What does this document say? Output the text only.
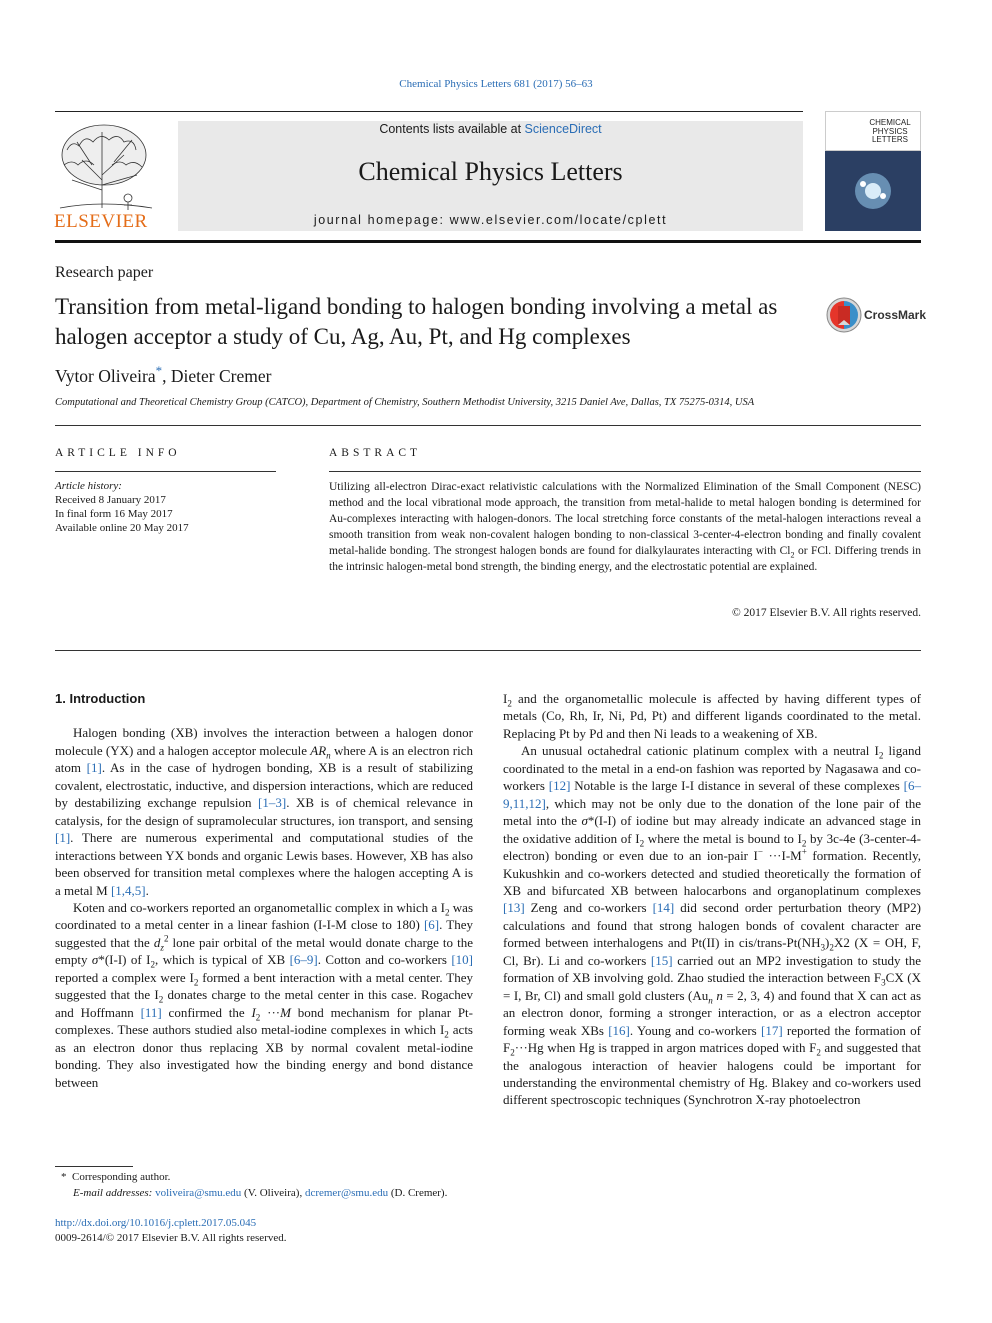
Chemical Physics Letters 681 (2017) 56–63
ELSEVIER
Contents lists available at ScienceDirect
Chemical Physics Letters
journal homepage: www.elsevier.com/locate/cplett
CHEMICAL
PHYSICS
LETTERS
Research paper
Transition from metal-ligand bonding to halogen bonding involving a metal as halogen acceptor a study of Cu, Ag, Au, Pt, and Hg complexes
CrossMark
Vytor Oliveira*, Dieter Cremer
Computational and Theoretical Chemistry Group (CATCO), Department of Chemistry, Southern Methodist University, 3215 Daniel Ave, Dallas, TX 75275-0314, USA
ARTICLE INFO
Article history:
Received 8 January 2017
In final form 16 May 2017
Available online 20 May 2017
ABSTRACT
Utilizing all-electron Dirac-exact relativistic calculations with the Normalized Elimination of the Small Component (NESC) method and the local vibrational mode approach, the transition from metal-halide to metal halogen bonding is determined for Au-complexes interacting with halogen-donors. The local stretching force constants of the metal-halogen interactions reveal a smooth transition from weak non-covalent halogen bonding to non-classical 3-center-4-electron bonding and finally covalent metal-halide bonding. The strongest halogen bonds are found for dialkylaurates interacting with $Cl_2$ or FCl. Differing trends in the intrinsic halogen-metal bond strength, the binding energy, and the electrostatic potential are explained.
© 2017 Elsevier B.V. All rights reserved.

1. Introduction

Halogen bonding (XB) involves the interaction between a halogen donor molecule (YX) and a halogen acceptor molecule $AR_n$ where A is an electron rich atom [1]. As in the case of hydrogen bonding, XB is a result of stabilizing covalent, electrostatic, inductive, and dispersion interactions, which are reduced by destabilizing exchange repulsion [1–3]. XB is of chemical relevance in catalysis, for the design of supramolecular structures, ion transport, and sensing [1]. There are numerous experimental and computational studies of the interactions between YX bonds and organic Lewis bases. However, XB has also been observed for transition metal complexes where the halogen accepting A is a metal M [1,4,5].

Koten and co-workers reported an organometallic complex in which a $I_2$ was coordinated to a metal center in a linear fashion (I-I-M close to 180) [6]. They suggested that the $d_z^2$ lone pair orbital of the metal would donate charge to the empty σ*(I-I) of $I_2$, which is typical of XB [6–9]. Cotton and co-workers [10] reported a complex were $I_2$ formed a bent interaction with a metal center. They suggested that the $I_2$ donates charge to the metal center in this case. Rogachev and Hoffmann [11] confirmed the $I_2 \cdot\cdot\cdot M$ bond mechanism for planar Pt-complexes. These authors studied also metal-iodine complexes in which $I_2$ acts as an electron donor thus replacing XB by normal covalent metal-iodine bonding. They also investigated how the binding energy and bond distance between

$I_2$ and the organometallic molecule is affected by having different types of metals (Co, Rh, Ir, Ni, Pd, Pt) and different ligands coordinated to the metal. Replacing Pt by Pd and then Ni leads to a weakening of XB.

An unusual octahedral cationic platinum complex with a neutral $I_2$ ligand coordinated to the metal in a end-on fashion was reported by Nagasawa and co-workers [12] Notable is the large I-I distance in several of these complexes [6–9,11,12], which may not be only due to the donation of the lone pair of the metal into the σ*(I-I) of iodine but may already indicate an advanced stage in the oxidative addition of $I_2$ where the metal is bound to $I_2$ by 3c-4e (3-center-4-electron) bonding or even due to an ion-pair I− ···I-M+ formation. Recently, Kukushkin and co-workers detected and studied theoretically the formation of XB and bifurcated XB between halocarbons and organoplatinum complexes [13] Zeng and co-workers [14] did second order perturbation theory (MP2) calculations and found that strong halogen bonds of covalent character are formed between interhalogens and Pt(II) in cis/$trans-Pt(NH_3)_2X2$ (X = OH, F, Cl, Br). Li and co-workers [15] carried out an MP2 investigation to study the formation of XB involving gold. Zhao studied the interaction between $F_3CX$ (X = I, Br, Cl) and small gold clusters ($Au_n$ n = 2, 3, 4) and found that X can act as an electron donor, forming a stronger interaction, or as a electron acceptor forming weak XBs [16]. Young and co-workers [17] reported the formation of $F_2\cdot\cdot\cdot Hg$ when Hg is trapped in argon matrices doped with $F_2$ and suggested that the analogous interaction of heavier halogens could be important for understanding the environmental chemistry of Hg. Blakey and co-workers used different spectroscopic techniques (Synchrotron X-ray photoelectron

* Corresponding author.
E-mail addresses: voliveira@smu.edu (V. Oliveira), dcremer@smu.edu (D. Cremer).
http://dx.doi.org/10.1016/j.cplett.2017.05.045
0009-2614/© 2017 Elsevier B.V. All rights reserved.
